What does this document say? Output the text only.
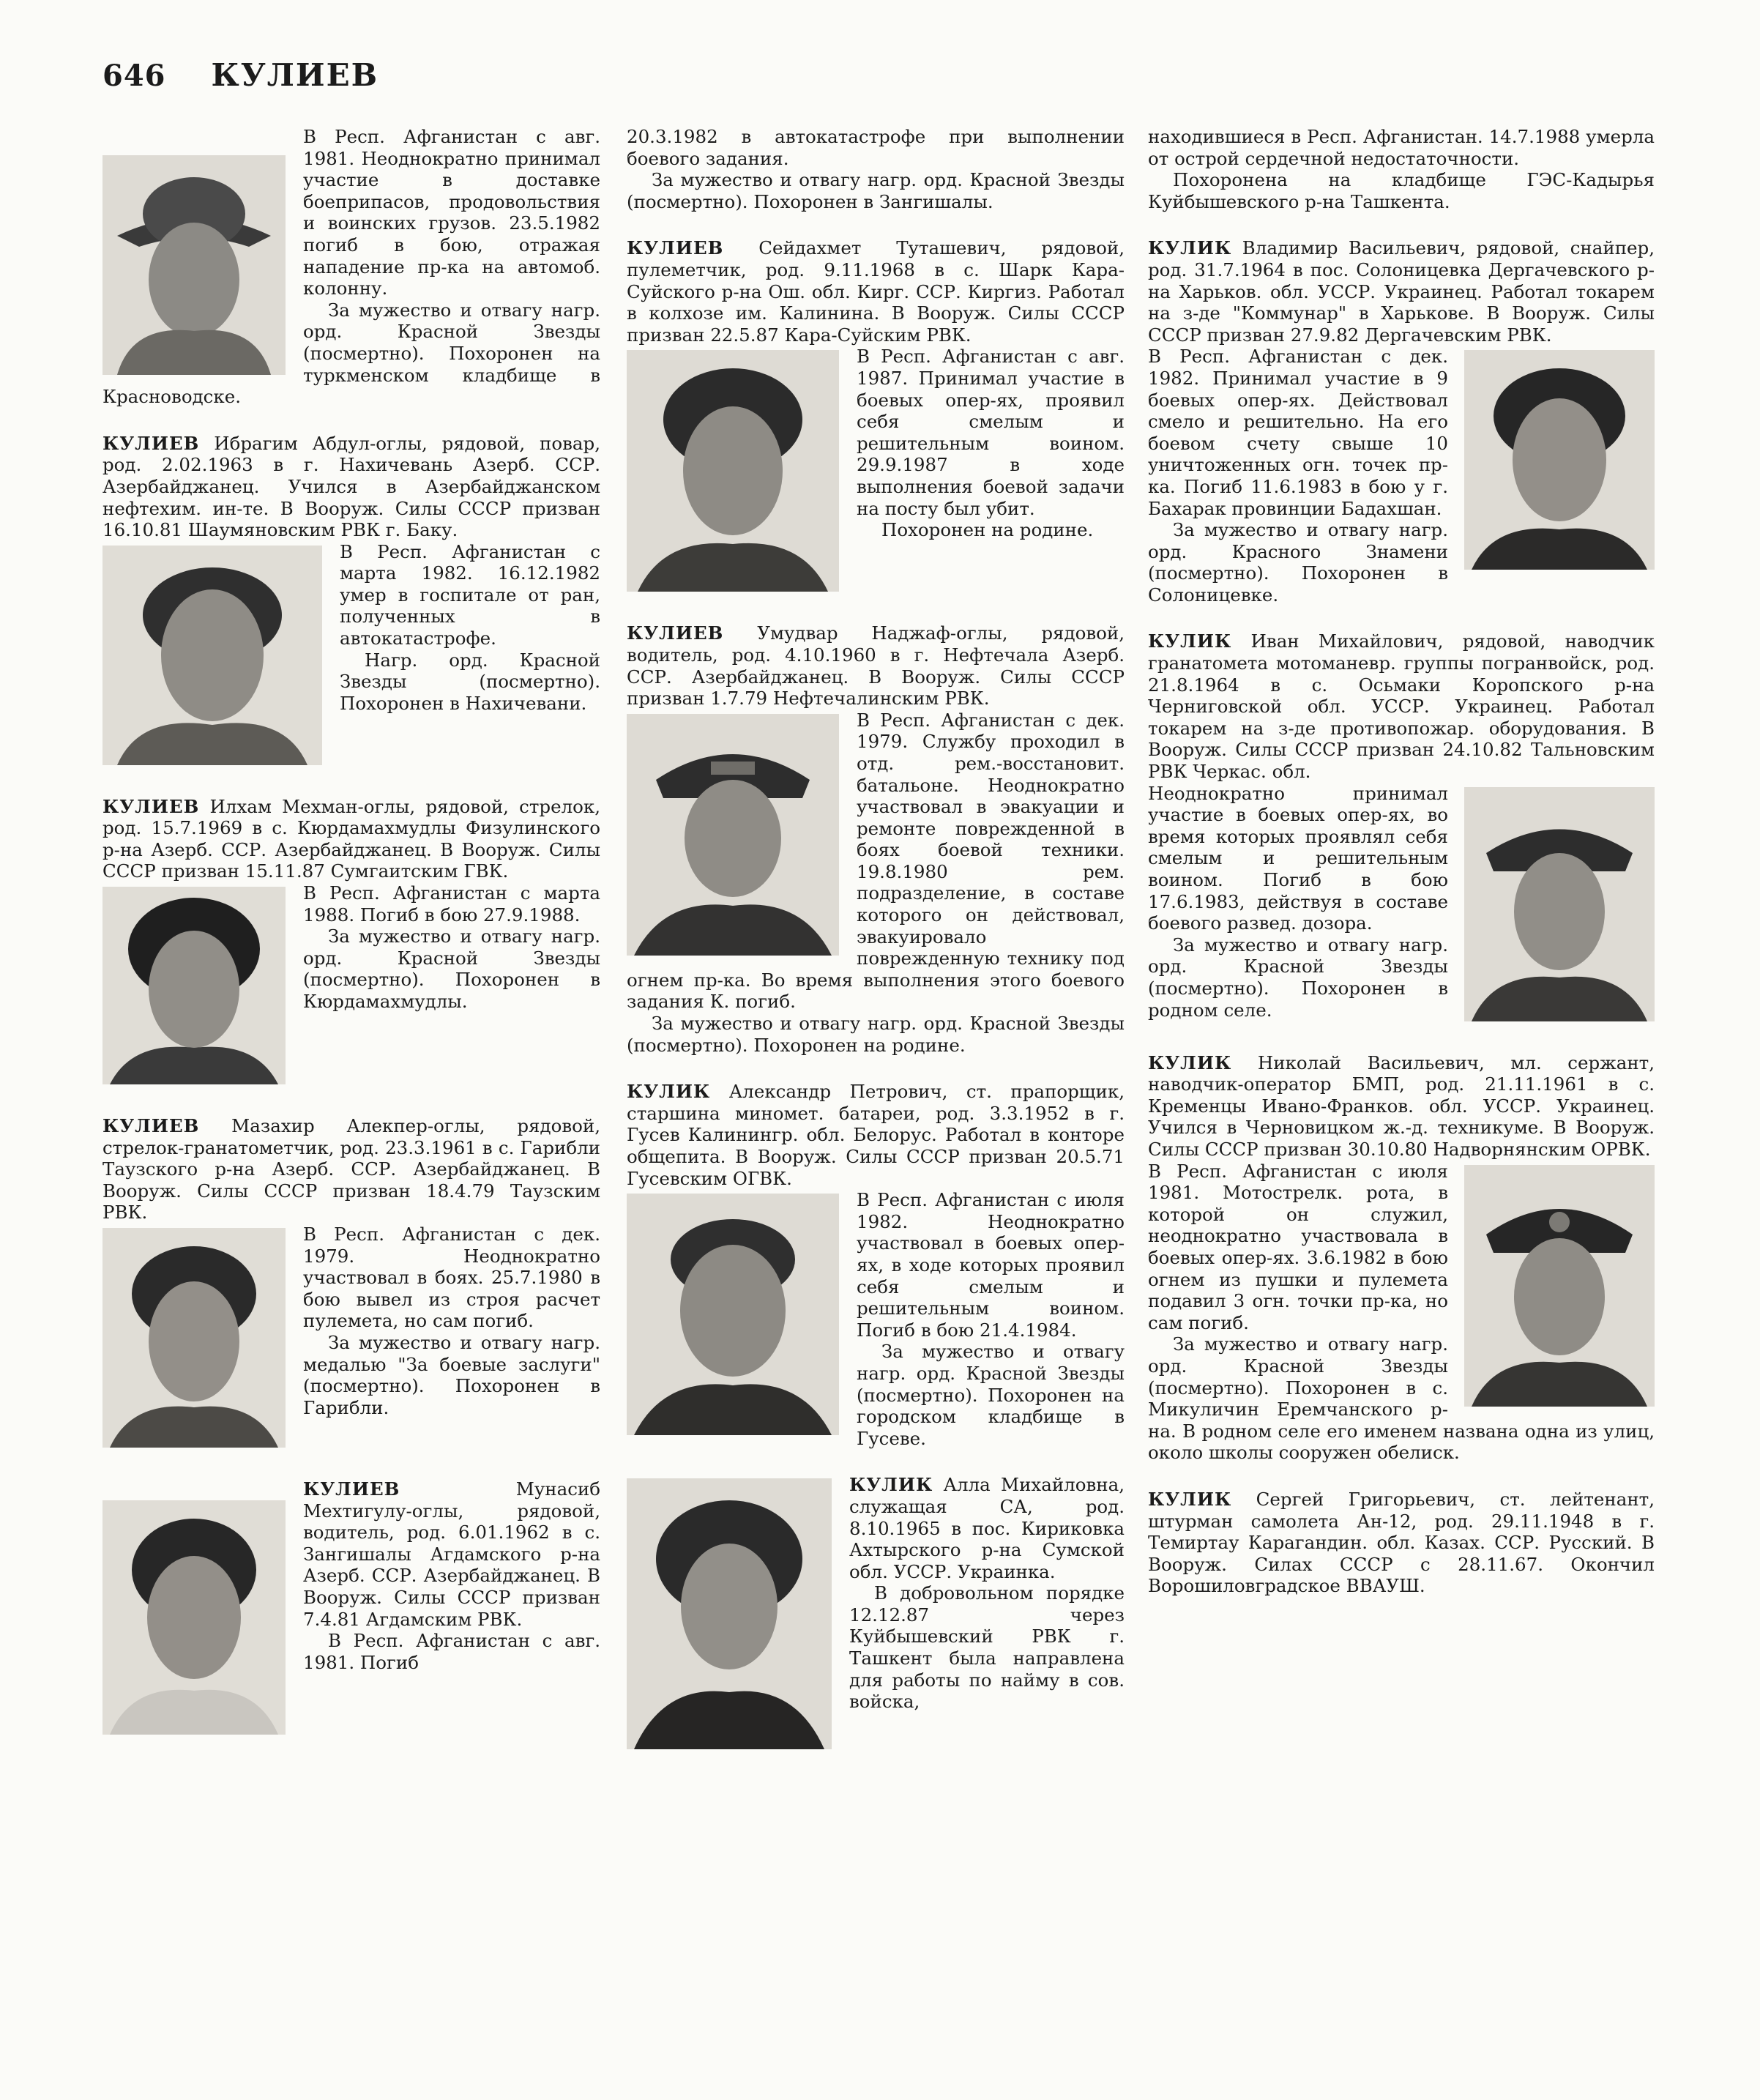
646 КУЛИЕВ

В Респ. Афганистан с авг. 1981. Неоднократно принимал участие в доставке боеприпасов, продовольствия и воинских грузов. 23.5.1982 погиб в бою, отражая нападение пр-ка на автомоб. колонну.

За мужество и отвагу нагр. орд. Красной Звезды (посмертно). Похоронен на туркменском кладбище в Красноводске.

КУЛИЕВ Ибрагим Абдул-оглы, рядовой, повар, род. 2.02.1963 в г. Нахичевань Азерб. ССР. Азербайджанец. Учился в Азербайджанском нефтехим. ин-те. В Вооруж. Силы СССР призван 16.10.81 Шаумяновским РВК г. Баку.

В Респ. Афганистан с марта 1982. 16.12.1982 умер в госпитале от ран, полученных в автокатастрофе.

Нагр. орд. Красной Звезды (посмертно). Похоронен в Нахичевани.

КУЛИЕВ Илхам Мехман-оглы, рядовой, стрелок, род. 15.7.1969 в с. Кюрдамахмудлы Физулинского р-на Азерб. ССР. Азербайджанец. В Вооруж. Силы СССР призван 15.11.87 Сумгаитским ГВК.

В Респ. Афганистан с марта 1988. Погиб в бою 27.9.1988.

За мужество и отвагу нагр. орд. Красной Звезды (посмертно). Похоронен в Кюрдамахмудлы.

КУЛИЕВ Мазахир Алекпер-оглы, рядовой, стрелок-гранатометчик, род. 23.3.1961 в с. Гарибли Таузского р-на Азерб. ССР. Азербайджанец. В Вооруж. Силы СССР призван 18.4.79 Таузским РВК.

В Респ. Афганистан с дек. 1979. Неоднократно участвовал в боях. 25.7.1980 в бою вывел из строя расчет пулемета, но сам погиб.

За мужество и отвагу нагр. медалью "За боевые заслуги" (посмертно). Похоронен в Гарибли.

КУЛИЕВ	Мунасиб Мехтигулу-оглы, рядовой, водитель, род. 6.01.1962 в с. Зангишалы Агдамского р-на Азерб. ССР. Азербайджанец. В Вооруж. Силы СССР призван 7.4.81 Агдамским РВК.

В Респ. Афганистан с авг. 1981. Погиб

20.3.1982 в автокатастрофе при выполнении боевого задания.

За мужество и отвагу нагр. орд. Красной Звезды (посмертно). Похоронен в Зангишалы.

КУЛИЕВ Сейдахмет Туташевич, рядовой, пулеметчик, род. 9.11.1968 в с. Шарк Кара-Суйского р-на Ош. обл. Кирг. ССР. Киргиз. Работал в колхозе им. Калинина. В Вооруж. Силы СССР призван 22.5.87 Кара-Суйским РВК.

В Респ. Афганистан с авг. 1987. Принимал участие в боевых опер-ях, проявил себя смелым и решительным воином. 29.9.1987 в ходе выполнения боевой задачи на посту был убит.

Похоронен на родине.

КУЛИЕВ Умудвар Наджаф-оглы, рядовой, водитель, род. 4.10.1960 в г. Нефтечала Азерб. ССР. Азербайджанец. В Вооруж. Силы СССР призван 1.7.79 Нефтечалинским РВК.

В Респ. Афганистан с дек. 1979. Службу проходил в отд. рем.-восстановит. батальоне. Неоднократно участвовал в эвакуации и ремонте поврежденной в боях боевой техники. 19.8.1980 рем. подразделение, в составе которого он действовал, эвакуировало поврежденную технику под огнем пр-ка. Во время выполнения этого боевого задания К. погиб.

За мужество и отвагу нагр. орд. Красной Звезды (посмертно). Похоронен на родине.

КУЛИК Александр Петрович, ст. прапорщик, старшина миномет. батареи, род. 3.3.1952 в г. Гусев Калинингр. обл. Белорус. Работал в конторе общепита. В Вооруж. Силы СССР призван 20.5.71 Гусевским ОГВК.

В Респ. Афганистан с июля 1982. Неоднократно участвовал в боевых опер-ях, в ходе которых проявил себя смелым и решительным воином. Погиб в бою 21.4.1984.

За мужество и отвагу нагр. орд. Красной Звезды (посмертно). Похоронен на городском кладбище в Гусеве.

КУЛИК Алла Михайловна, служащая СА, род. 8.10.1965 в пос. Кириковка Ахтырского р-на Сумской обл. УССР. Украинка.

В добровольном порядке 12.12.87 через Куйбышевский РВК г. Ташкент была направлена для работы по найму в сов. войска,

находившиеся в Респ. Афганистан. 14.7.1988 умерла от острой сердечной недостаточности.

Похоронена на кладбище ГЭС-Кадырья Куйбышевского р-на Ташкента.

КУЛИК Владимир Васильевич, рядовой, снайпер, род. 31.7.1964 в пос. Солоницевка Дергачевского р-на Харьков. обл. УССР. Украинец. Работал токарем на з-де "Коммунар" в Харькове. В Вооруж. Силы СССР призван 27.9.82 Дергачевским РВК.

В Респ. Афганистан с дек. 1982. Принимал участие в 9 боевых опер-ях. Действовал смело и решительно. На его боевом счету свыше 10 уничтоженных огн. точек пр-ка. Погиб 11.6.1983 в бою у г. Бахарак провинции Бадахшан.

За мужество и отвагу нагр. орд. Красного Знамени (посмертно). Похоронен в Солоницевке.

КУЛИК Иван Михайлович, рядовой, наводчик гранатомета мотоманевр. группы погранвойск, род. 21.8.1964 в с. Осьмаки Коропского р-на Черниговской обл. УССР. Украинец. Работал токарем на з-де противопожар. оборудования. В Вооруж. Силы СССР призван 24.10.82 Тальновским РВК Черкас. обл.

Неоднократно принимал участие в боевых опер-ях, во время которых проявлял себя смелым и решительным воином. Погиб в бою 17.6.1983, действуя в составе боевого развед. дозора.

За мужество и отвагу нагр. орд. Красной Звезды (посмертно). Похоронен в родном селе.

КУЛИК Николай Васильевич, мл. сержант, наводчик-оператор БМП, род. 21.11.1961 в с. Кременцы Ивано-Франков. обл. УССР. Украинец. Учился в Черновицком ж.-д. техникуме. В Вооруж. Силы СССР призван 30.10.80 Надворнянским ОРВК.

В Респ. Афганистан с июля 1981. Мотострелк. рота, в которой он служил, неоднократно участвовала в боевых опер-ях. 3.6.1982 в бою огнем из пушки и пулемета подавил 3 огн. точки пр-ка, но сам погиб.

За мужество и отвагу нагр. орд. Красной Звезды (посмертно). Похоронен в с. Микуличин Еремчанского р-на. В родном селе его именем названа одна из улиц, около школы сооружен обелиск.

КУЛИК Сергей Григорьевич, ст. лейтенант, штурман самолета Ан-12, род. 29.11.1948 в г. Темиртау Карагандин. обл. Казах. ССР. Русский. В Вооруж. Силах СССР с 28.11.67. Окончил Ворошиловградское ВВАУШ.
